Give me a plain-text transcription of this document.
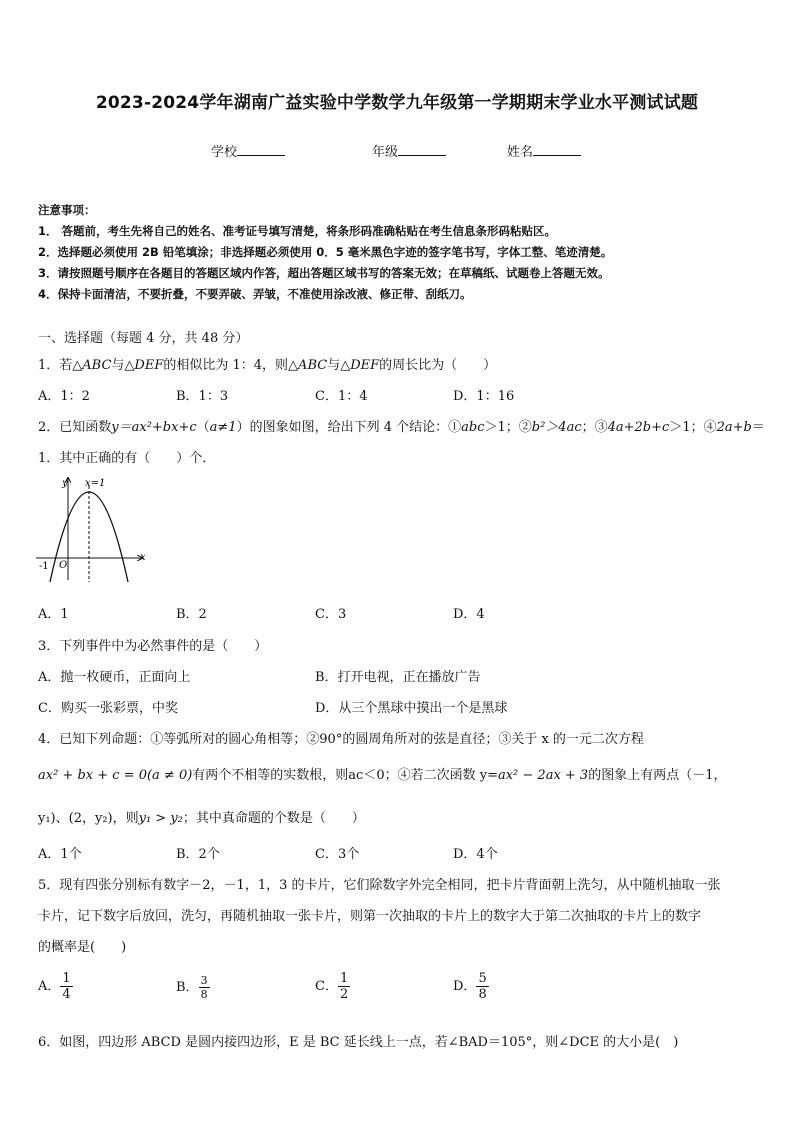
2023-2024学年湖南广益实验中学数学九年级第一学期期末学业水平测试试题
学校	年级	姓名
注意事项：
1． 答题前，考生先将自己的姓名、准考证号填写清楚，将条形码准确粘贴在考生信息条形码粘贴区。
2．选择题必须使用 2B 铅笔填涂；非选择题必须使用 0．5 毫米黑色字迹的签字笔书写，字体工整、笔迹清楚。
3．请按照题号顺序在各题目的答题区域内作答，超出答题区域书写的答案无效；在草稿纸、试题卷上答题无效。
4．保持卡面清洁，不要折叠，不要弄破、弄皱，不准使用涂改液、修正带、刮纸刀。
一、选择题（每题 4 分，共 48 分）
1．若△ABC与△DEF的相似比为 1：4，则△ABC与△DEF的周长比为（　　）
A．1：2	B．1：3	C．1：4	D．1：16
2．已知函数y＝ax²+bx+c（a≠1）的图象如图，给出下列 4 个结论：①abc＞1；②b²＞4ac；③4a+2b+c＞1；④2a+b＝
1．其中正确的有（　　）个．
y
x
x=1
-1 O
A．1	B．2	C．3	D．4
3．下列事件中为必然事件的是（　　）
A．抛一枚硬币，正面向上	B．打开电视，正在播放广告
C．购买一张彩票，中奖	D．从三个黑球中摸出一个是黑球
4．已知下列命题：①等弧所对的圆心角相等；②90°的圆周角所对的弦是直径；③关于 x 的一元二次方程
ax² + bx + c = 0(a ≠ 0)有两个不相等的实数根，则ac＜0；④若二次函数 y=ax² − 2ax + 3的图象上有两点（－1，
y₁)、(2，y₂)，则y₁ > y₂；其中真命题的个数是（　　）
A．1个	B．2个	C．3个	D．4个
5．现有四张分别标有数字－2，－1，1，3 的卡片，它们除数字外完全相同，把卡片背面朝上洗匀，从中随机抽取一张
卡片，记下数字后放回，洗匀，再随机抽取一张卡片，则第一次抽取的卡片上的数字大于第二次抽取的卡片上的数字
的概率是(　　)
A． $\frac{1}{4}$	B． $\frac{3}{8}$	C． $\frac{1}{2}$	D． $\frac{5}{8}$
6．如图，四边形 ABCD 是圆内接四边形，E 是 BC 延长线上一点，若∠BAD＝105°，则∠DCE 的大小是(　)
